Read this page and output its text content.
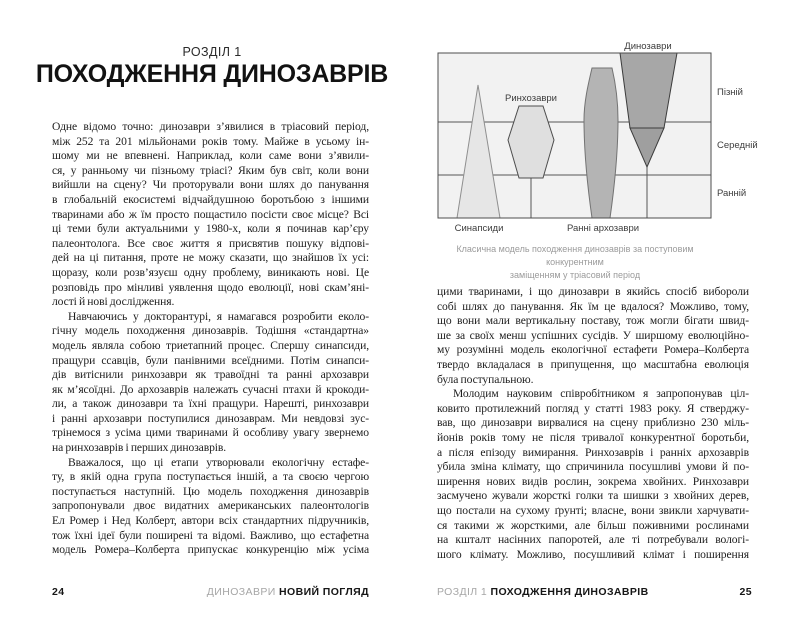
РОЗДІЛ 1
ПОХОДЖЕННЯ ДИНОЗАВРІВ
Одне відомо точно: динозаври з’явилися в тріасовий період,
між 252 та 201 мільйонами років тому. Майже в усьому ін-
шому ми не впевнені. Наприклад, коли саме вони з’явили-
ся, у ранньому чи пізньому тріасі? Яким був світ, коли вони
вийшли на сцену? Чи проторували вони шлях до панування
в глобальній екосистемі відчайдушною боротьбою з іншими
тваринами або ж їм просто пощастило посісти своє місце? Всі
ці теми були актуальними у 1980-х, коли я починав кар’єру
палеонтолога. Все своє життя я присвятив пошуку відпові-
дей на ці питання, проте не можу сказати, що знайшов їх усі:
щоразу, коли розв’язуєш одну проблему, виникають нові. Це
розповідь про мінливі уявлення щодо еволюції, нові скам’яні-
лості й нові дослідження.
Навчаючись у докторантурі, я намагався розробити еколо-
гічну модель походження динозаврів. Тодішня «стандартна»
модель являла собою триетапний процес. Спершу синапсиди,
пращури ссавців, були панівними всеїдними. Потім синапси-
дів витіснили ринхозаври як травоїдні та ранні архозаври
як м’ясоїдні. До архозаврів належать сучасні птахи й крокоди-
ли, а також динозаври та їхні пращури. Нарешті, ринхозаври
і ранні архозаври поступилися динозаврам. Ми невдовзі зус-
трінемося з усіма цими тваринами й особливу увагу звернемо
на ринхозаврів і перших динозаврів.
Вважалося, що ці етапи утворювали екологічну естафе-
ту, в якій одна група поступається іншій, а та своєю чергою
поступається наступній. Цю модель походження динозаврів
запропонували двоє видатних американських палеонтологів
Ел Ромер і Нед Колберт, автори всіх стандартних підручників,
тож їхні ідеї були поширені та відомі. Важливо, що естафетна
модель Ромера–Колберта припускає конкуренцію між усіма
24	ДИНОЗАВРИ НОВИЙ ПОГЛЯД
Динозаври
Ринхозаври
Синапсиди	Ранні архозаври
Пізній
Середній
Ранній
Класична модель походження динозаврів за поступовим конкурентним
заміщенням у тріасовий період
цими тваринами, і що динозаври в якийсь спосіб вибороли
собі шлях до панування. Як їм це вдалося? Можливо, тому,
що вони мали вертикальну поставу, тож могли бігати швид-
ше за своїх менш успішних сусідів. У ширшому еволюційно-
му розумінні модель екологічної естафети Ромера–Колберта
твердо вкладалася в припущення, що масштабна еволюція
була поступальною.
Молодим науковим співробітником я запропонував ціл-
ковито протилежний погляд у статті 1983 року. Я стверджу-
вав, що динозаври вирвалися на сцену приблизно 230 міль-
йонів років тому не після тривалої конкурентної боротьби,
а після епізоду вимирання. Ринхозаврів і ранніх архозаврів
убила зміна клімату, що спричинила посушливі умови й по-
ширення нових видів рослин, зокрема хвойних. Ринхозаври
засмучено жували жорсткі голки та шишки з хвойних дерев,
що постали на сухому ґрунті; власне, вони звикли харчувати-
ся такими ж жорсткими, але більш поживними рослинами
на кшталт насінних папоротей, але ті потребували вологі-
шого клімату. Можливо, посушливий клімат і поширення
РОЗДІЛ 1 ПОХОДЖЕННЯ ДИНОЗАВРІВ	25
